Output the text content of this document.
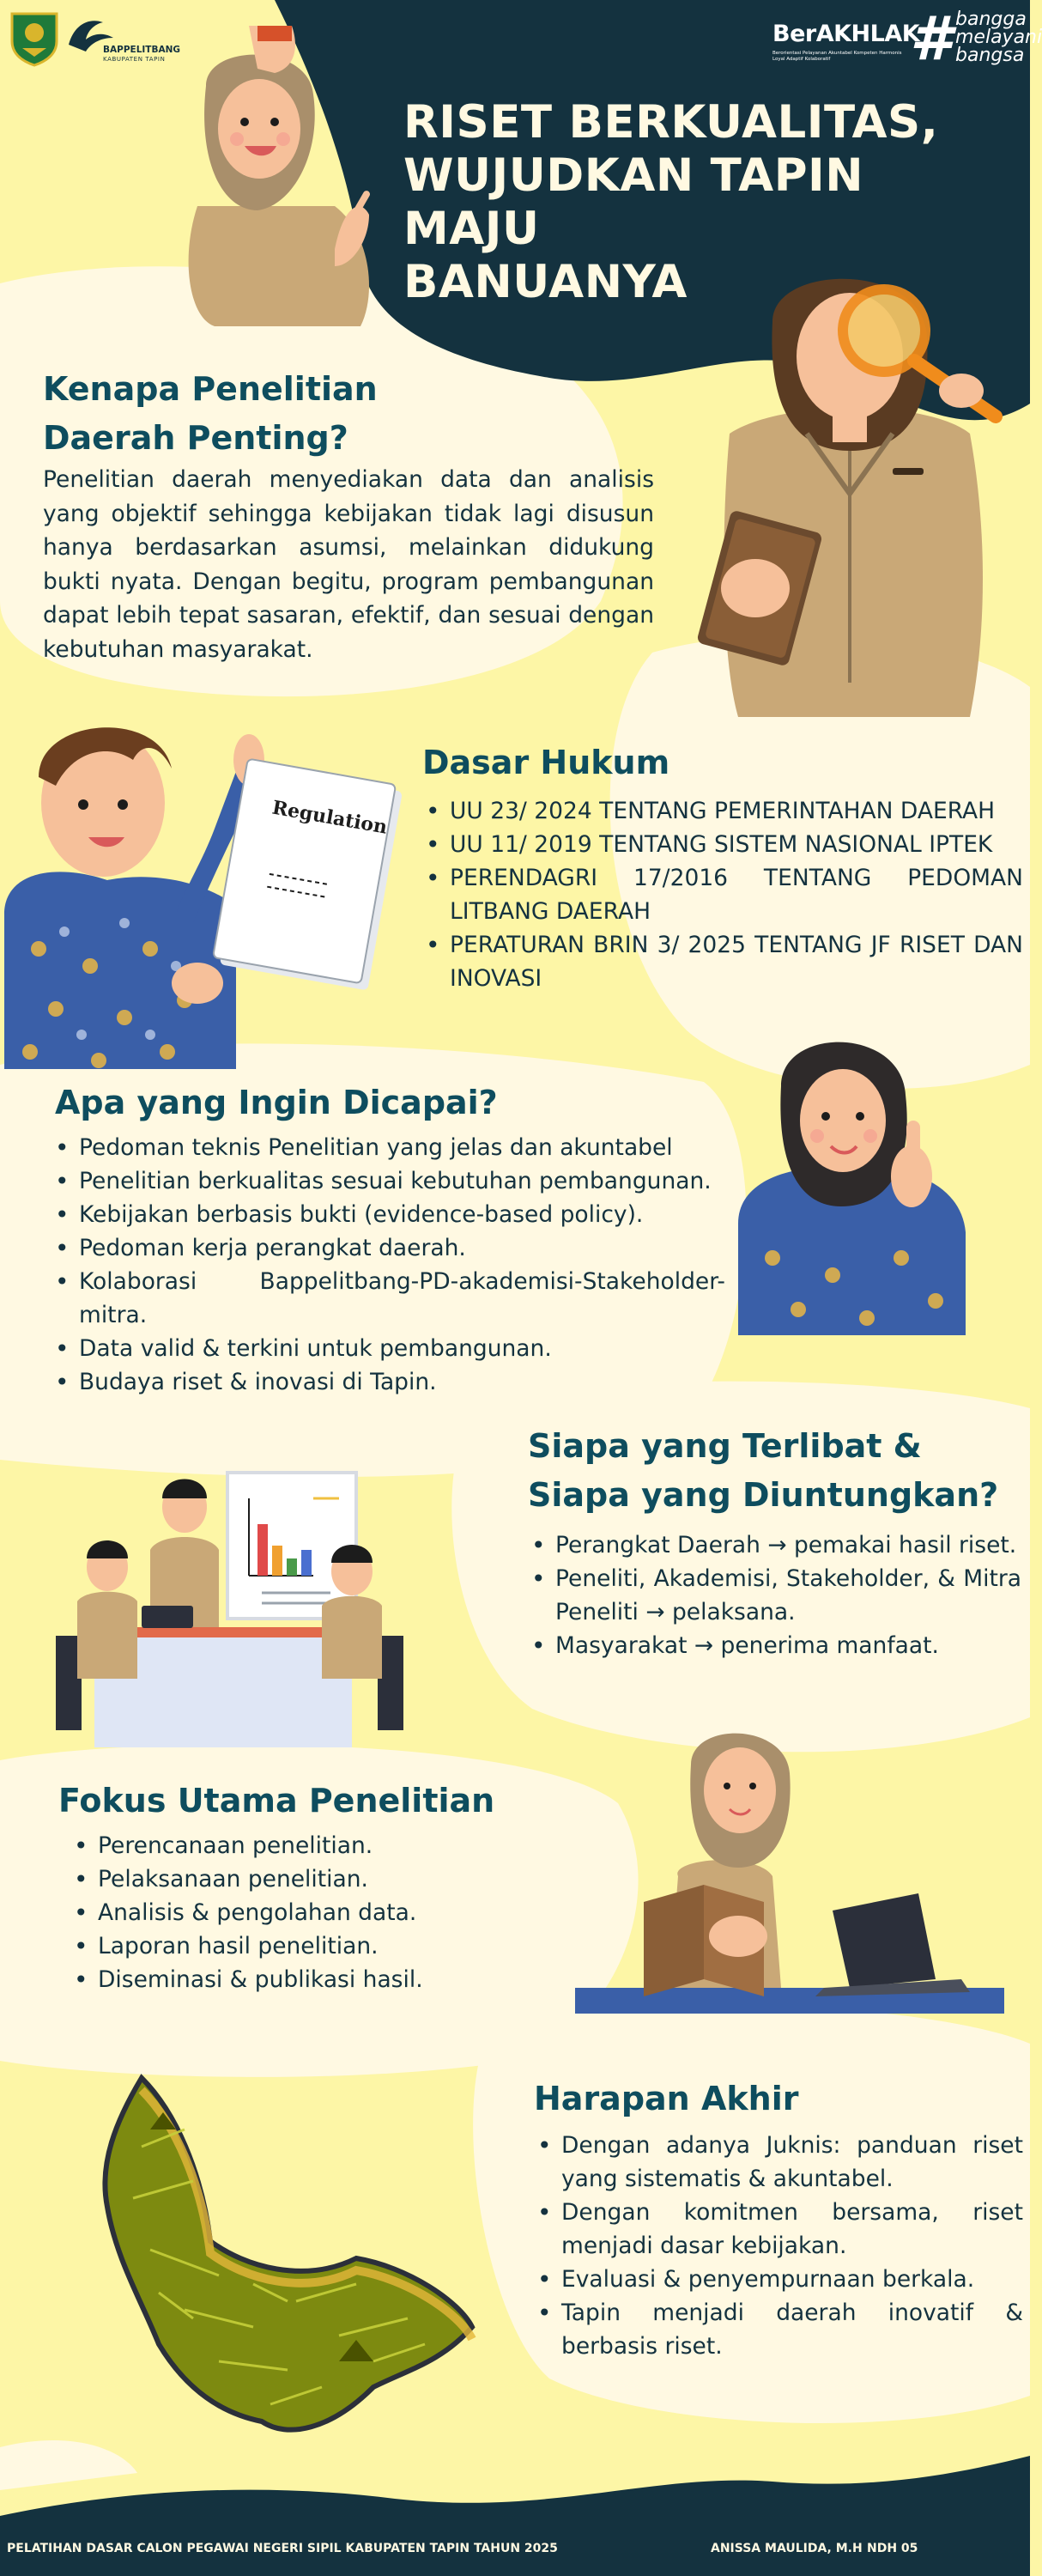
BAPPELITBANG
KABUPATEN TAPIN
BerAKHLAK
Berorientasi Pelayanan Akuntabel Kompeten Harmonis Loyal Adaptif Kolaboratif	# bangga
melayani
bangsa
RISET BERKUALITAS,
WUJUDKAN TAPIN MAJU
BANUANYA
Regulation
Kenapa Penelitian Daerah Penting?

Penelitian daerah menyediakan data dan analisis yang objektif sehingga kebijakan tidak lagi disusun hanya berdasarkan asumsi, melainkan didukung bukti nyata. Dengan begitu, program pembangunan dapat lebih tepat sasaran, efektif, dan sesuai dengan kebutuhan masyarakat.

Dasar Hukum
• UU 23/ 2024 TENTANG PEMERINTAHAN DAERAH
• UU 11/ 2019 TENTANG SISTEM NASIONAL IPTEK
• PERENDAGRI 17/2016 TENTANG PEDOMAN LITBANG DAERAH
• PERATURAN BRIN 3/ 2025 TENTANG JF RISET DAN INOVASI
Apa yang Ingin Dicapai?
• Pedoman teknis Penelitian yang jelas dan akuntabel
• Penelitian berkualitas sesuai kebutuhan pembangunan.
• Kebijakan berbasis bukti (evidence-based policy).
• Pedoman kerja perangkat daerah.
• Kolaborasi Bappelitbang-PD-akademisi-Stakeholder-mitra.
• Data valid & terkini untuk pembangunan.
• Budaya riset & inovasi di Tapin.
Siapa yang Terlibat & Siapa yang Diuntungkan?
• Perangkat Daerah → pemakai hasil riset.
• Peneliti, Akademisi, Stakeholder, & Mitra Peneliti → pelaksana.
• Masyarakat → penerima manfaat.
Fokus Utama Penelitian
• Perencanaan penelitian.
• Pelaksanaan penelitian.
• Analisis & pengolahan data.
• Laporan hasil penelitian.
• Diseminasi & publikasi hasil.
Harapan Akhir
• Dengan adanya Juknis: panduan riset yang sistematis & akuntabel.
• Dengan komitmen bersama, riset menjadi dasar kebijakan.
• Evaluasi & penyempurnaan berkala.
• Tapin menjadi daerah inovatif & berbasis riset.
PELATIHAN DASAR CALON PEGAWAI NEGERI SIPIL KABUPATEN TAPIN TAHUN 2025	ANISSA MAULIDA, M.H NDH 05
